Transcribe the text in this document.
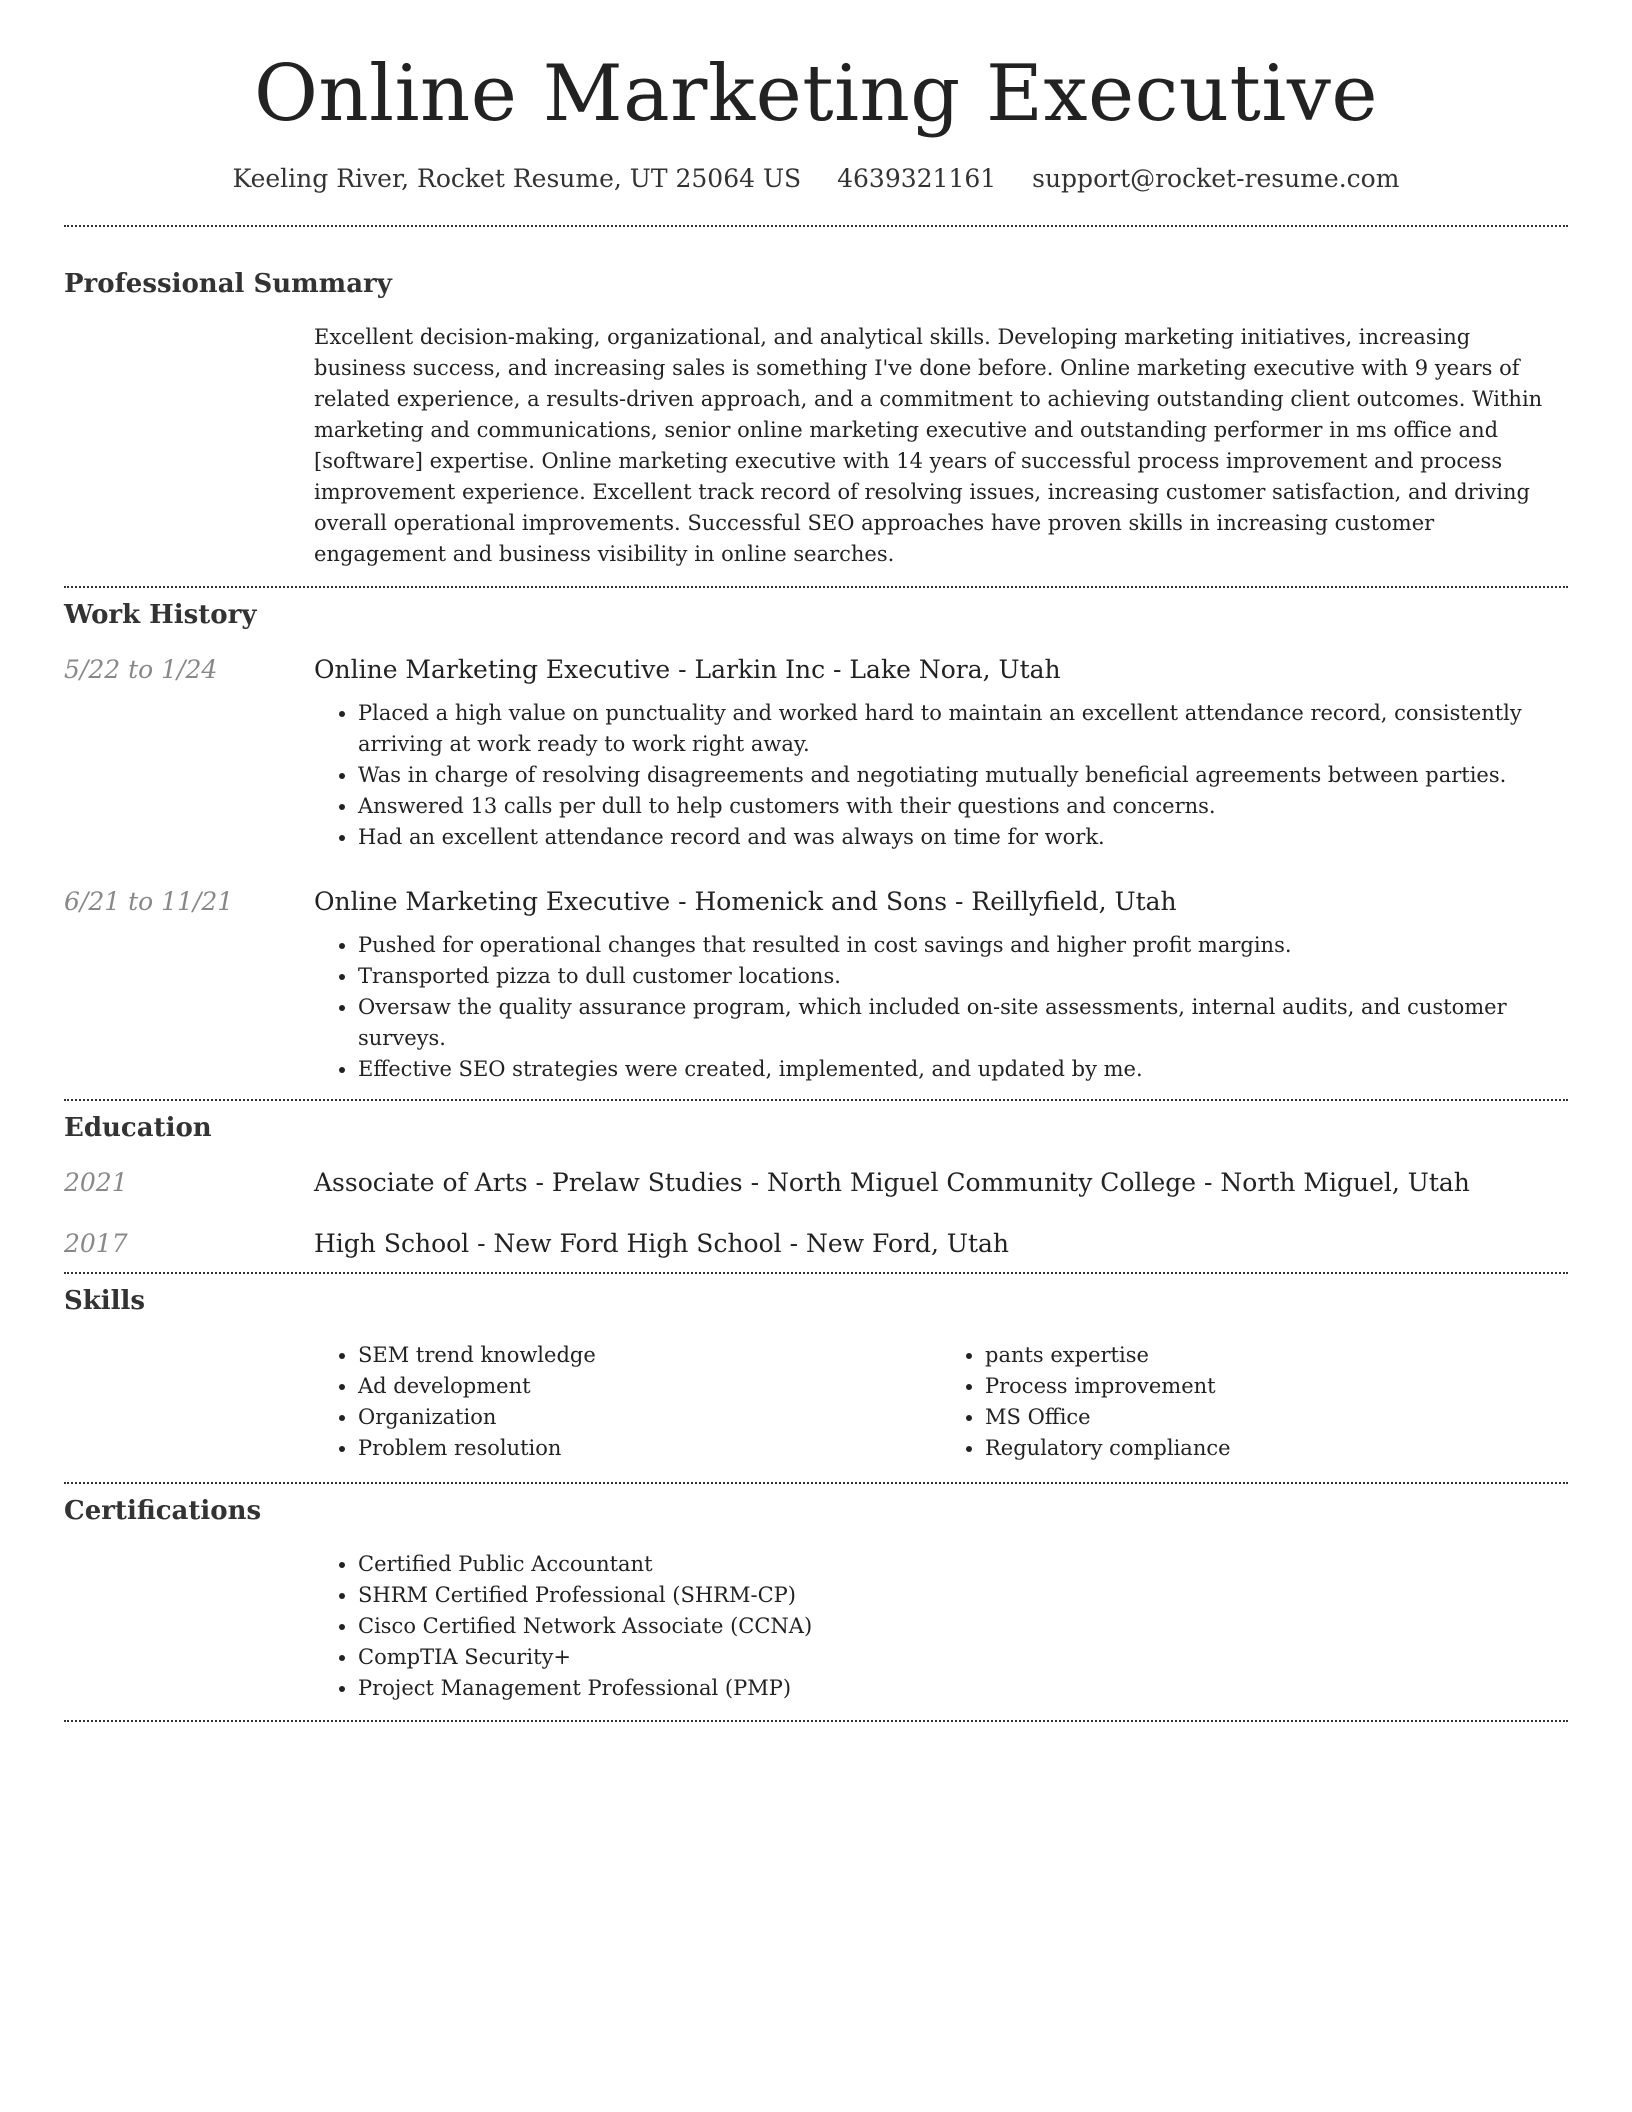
Online Marketing Executive
Keeling River, Rocket Resume, UT 25064 US 4639321161 support@rocket-resume.com
Professional Summary

Excellent decision-making, organizational, and analytical skills. Developing marketing initiatives, increasing business success, and increasing sales is something I've done before. Online marketing executive with 9 years of related experience, a results-driven approach, and a commitment to achieving outstanding client outcomes. Within marketing and communications, senior online marketing executive and outstanding performer in ms office and [software] expertise. Online marketing executive with 14 years of successful process improvement and process improvement experience. Excellent track record of resolving issues, increasing customer satisfaction, and driving overall operational improvements. Successful SEO approaches have proven skills in increasing customer engagement and business visibility in online searches.

Work History
5/22 to 1/24	Online Marketing Executive - Larkin Inc - Lake Nora, Utah
• Placed a high value on punctuality and worked hard to maintain an excellent attendance record, consistently arriving at work ready to work right away.
• Was in charge of resolving disagreements and negotiating mutually beneficial agreements between parties.
• Answered 13 calls per dull to help customers with their questions and concerns.
• Had an excellent attendance record and was always on time for work.
6/21 to 11/21	Online Marketing Executive - Homenick and Sons - Reillyfield, Utah
• Pushed for operational changes that resulted in cost savings and higher profit margins.
• Transported pizza to dull customer locations.
• Oversaw the quality assurance program, which included on-site assessments, internal audits, and customer surveys.
• Effective SEO strategies were created, implemented, and updated by me.
Education
2021	Associate of Arts - Prelaw Studies - North Miguel Community College - North Miguel, Utah
2017	High School - New Ford High School - New Ford, Utah
Skills
• SEM trend knowledge
• Ad development
• Organization
• Problem resolution
• pants expertise
• Process improvement
• MS Office
• Regulatory compliance
Certifications
• Certified Public Accountant
• SHRM Certified Professional (SHRM-CP)
• Cisco Certified Network Associate (CCNA)
• CompTIA Security+
• Project Management Professional (PMP)
